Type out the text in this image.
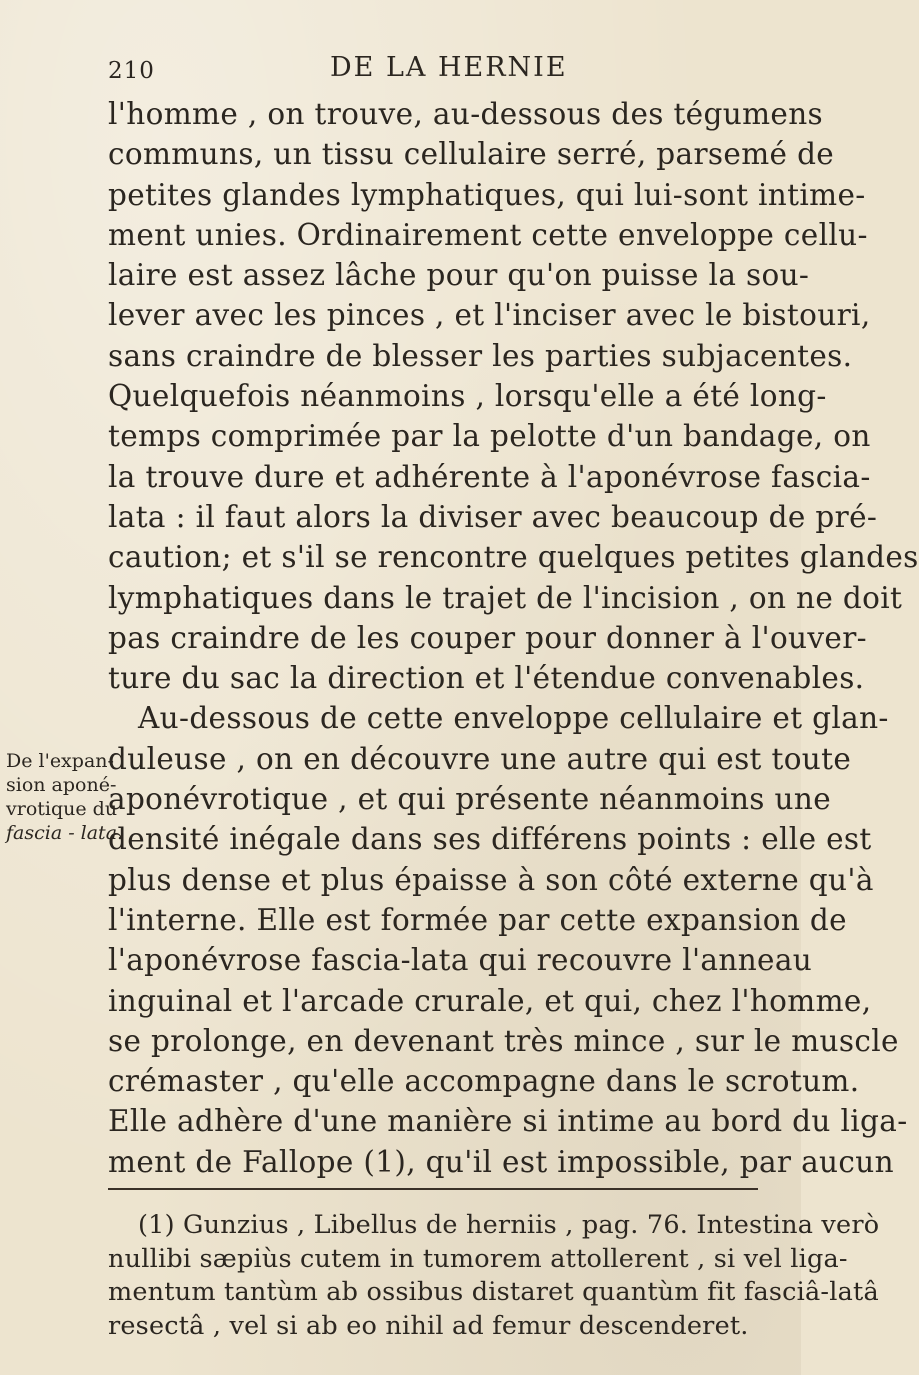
210	DE LA HERNIE
De l'expan-
sion aponé-
vrotique du
fascia - lata.
l'homme , on trouve, au-dessous des tégumens
communs, un tissu cellulaire serré, parsemé de
petites glandes lymphatiques, qui lui-sont intime-
ment unies. Ordinairement cette enveloppe cellu-
laire est assez lâche pour qu'on puisse la sou-
lever avec les pinces , et l'inciser avec le bistouri,
sans craindre de blesser les parties subjacentes.
Quelquefois néanmoins , lorsqu'elle a été long-
temps comprimée par la pelotte d'un bandage, on
la trouve dure et adhérente à l'aponévrose fascia-
lata : il faut alors la diviser avec beaucoup de pré-
caution; et s'il se rencontre quelques petites glandes
lymphatiques dans le trajet de l'incision , on ne doit
pas craindre de les couper pour donner à l'ouver-
ture du sac la direction et l'étendue convenables.
Au-dessous de cette enveloppe cellulaire et glan-
duleuse , on en découvre une autre qui est toute
aponévrotique , et qui présente néanmoins une
densité inégale dans ses différens points : elle est
plus dense et plus épaisse à son côté externe qu'à
l'interne. Elle est formée par cette expansion de
l'aponévrose fascia-lata qui recouvre l'anneau
inguinal et l'arcade crurale, et qui, chez l'homme,
se prolonge, en devenant très mince , sur le muscle
crémaster , qu'elle accompagne dans le scrotum.
Elle adhère d'une manière si intime au bord du liga-
ment de Fallope (1), qu'il est impossible, par aucun
(1) Gunzius , Libellus de herniis , pag. 76. Intestina verò
nullibi sæpiùs cutem in tumorem attollerent , si vel liga-
mentum tantùm ab ossibus distaret quantùm fit fasciâ-latâ
resectâ , vel si ab eo nihil ad femur descenderet.
